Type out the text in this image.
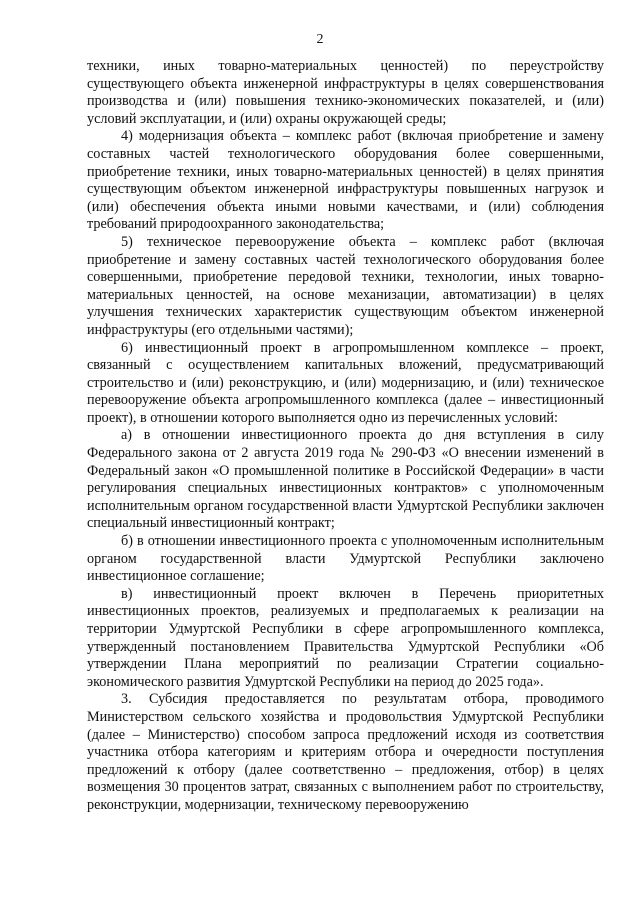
2

техники, иных товарно-материальных ценностей) по переустройству существующего объекта инженерной инфраструктуры в целях совершенствования производства и (или) повышения технико-экономических показателей, и (или) условий эксплуатации, и (или) охраны окружающей среды;

4) модернизация объекта – комплекс работ (включая приобретение и замену составных частей технологического оборудования более совершенными, приобретение техники, иных товарно-материальных ценностей) в целях принятия существующим объектом инженерной инфраструктуры повышенных нагрузок и (или) обеспечения объекта иными новыми качествами, и (или) соблюдения требований природоохранного законодательства;

5) техническое перевооружение объекта – комплекс работ (включая приобретение и замену составных частей технологического оборудования более совершенными, приобретение передовой техники, технологии, иных товарно-материальных ценностей, на основе механизации, автоматизации) в целях улучшения технических характеристик существующим объектом инженерной инфраструктуры (его отдельными частями);

6) инвестиционный проект в агропромышленном комплексе – проект, связанный с осуществлением капитальных вложений, предусматривающий строительство и (или) реконструкцию, и (или) модернизацию, и (или) техническое перевооружение объекта агропромышленного комплекса (далее – инвестиционный проект), в отношении которого выполняется одно из перечисленных условий:

а) в отношении инвестиционного проекта до дня вступления в силу Федерального закона от 2 августа 2019 года № 290-ФЗ «О внесении изменений в Федеральный закон «О промышленной политике в Российской Федерации» в части регулирования специальных инвестиционных контрактов» с уполномоченным исполнительным органом государственной власти Удмуртской Республики заключен специальный инвестиционный контракт;

б) в отношении инвестиционного проекта с уполномоченным исполнительным органом государственной власти Удмуртской Республики заключено инвестиционное соглашение;

в) инвестиционный проект включен в Перечень приоритетных инвестиционных проектов, реализуемых и предполагаемых к реализации на территории Удмуртской Республики в сфере агропромышленного комплекса, утвержденный постановлением Правительства Удмуртской Республики «Об утверждении Плана мероприятий по реализации Стратегии социально-экономического развития Удмуртской Республики на период до 2025 года».

3. Субсидия предоставляется по результатам отбора, проводимого Министерством сельского хозяйства и продовольствия Удмуртской Республики (далее – Министерство) способом запроса предложений исходя из соответствия участника отбора категориям и критериям отбора и очередности поступления предложений к отбору (далее соответственно – предложения, отбор) в целях возмещения 30 процентов затрат, связанных с выполнением работ по строительству, реконструкции, модернизации, техническому перевооружению
